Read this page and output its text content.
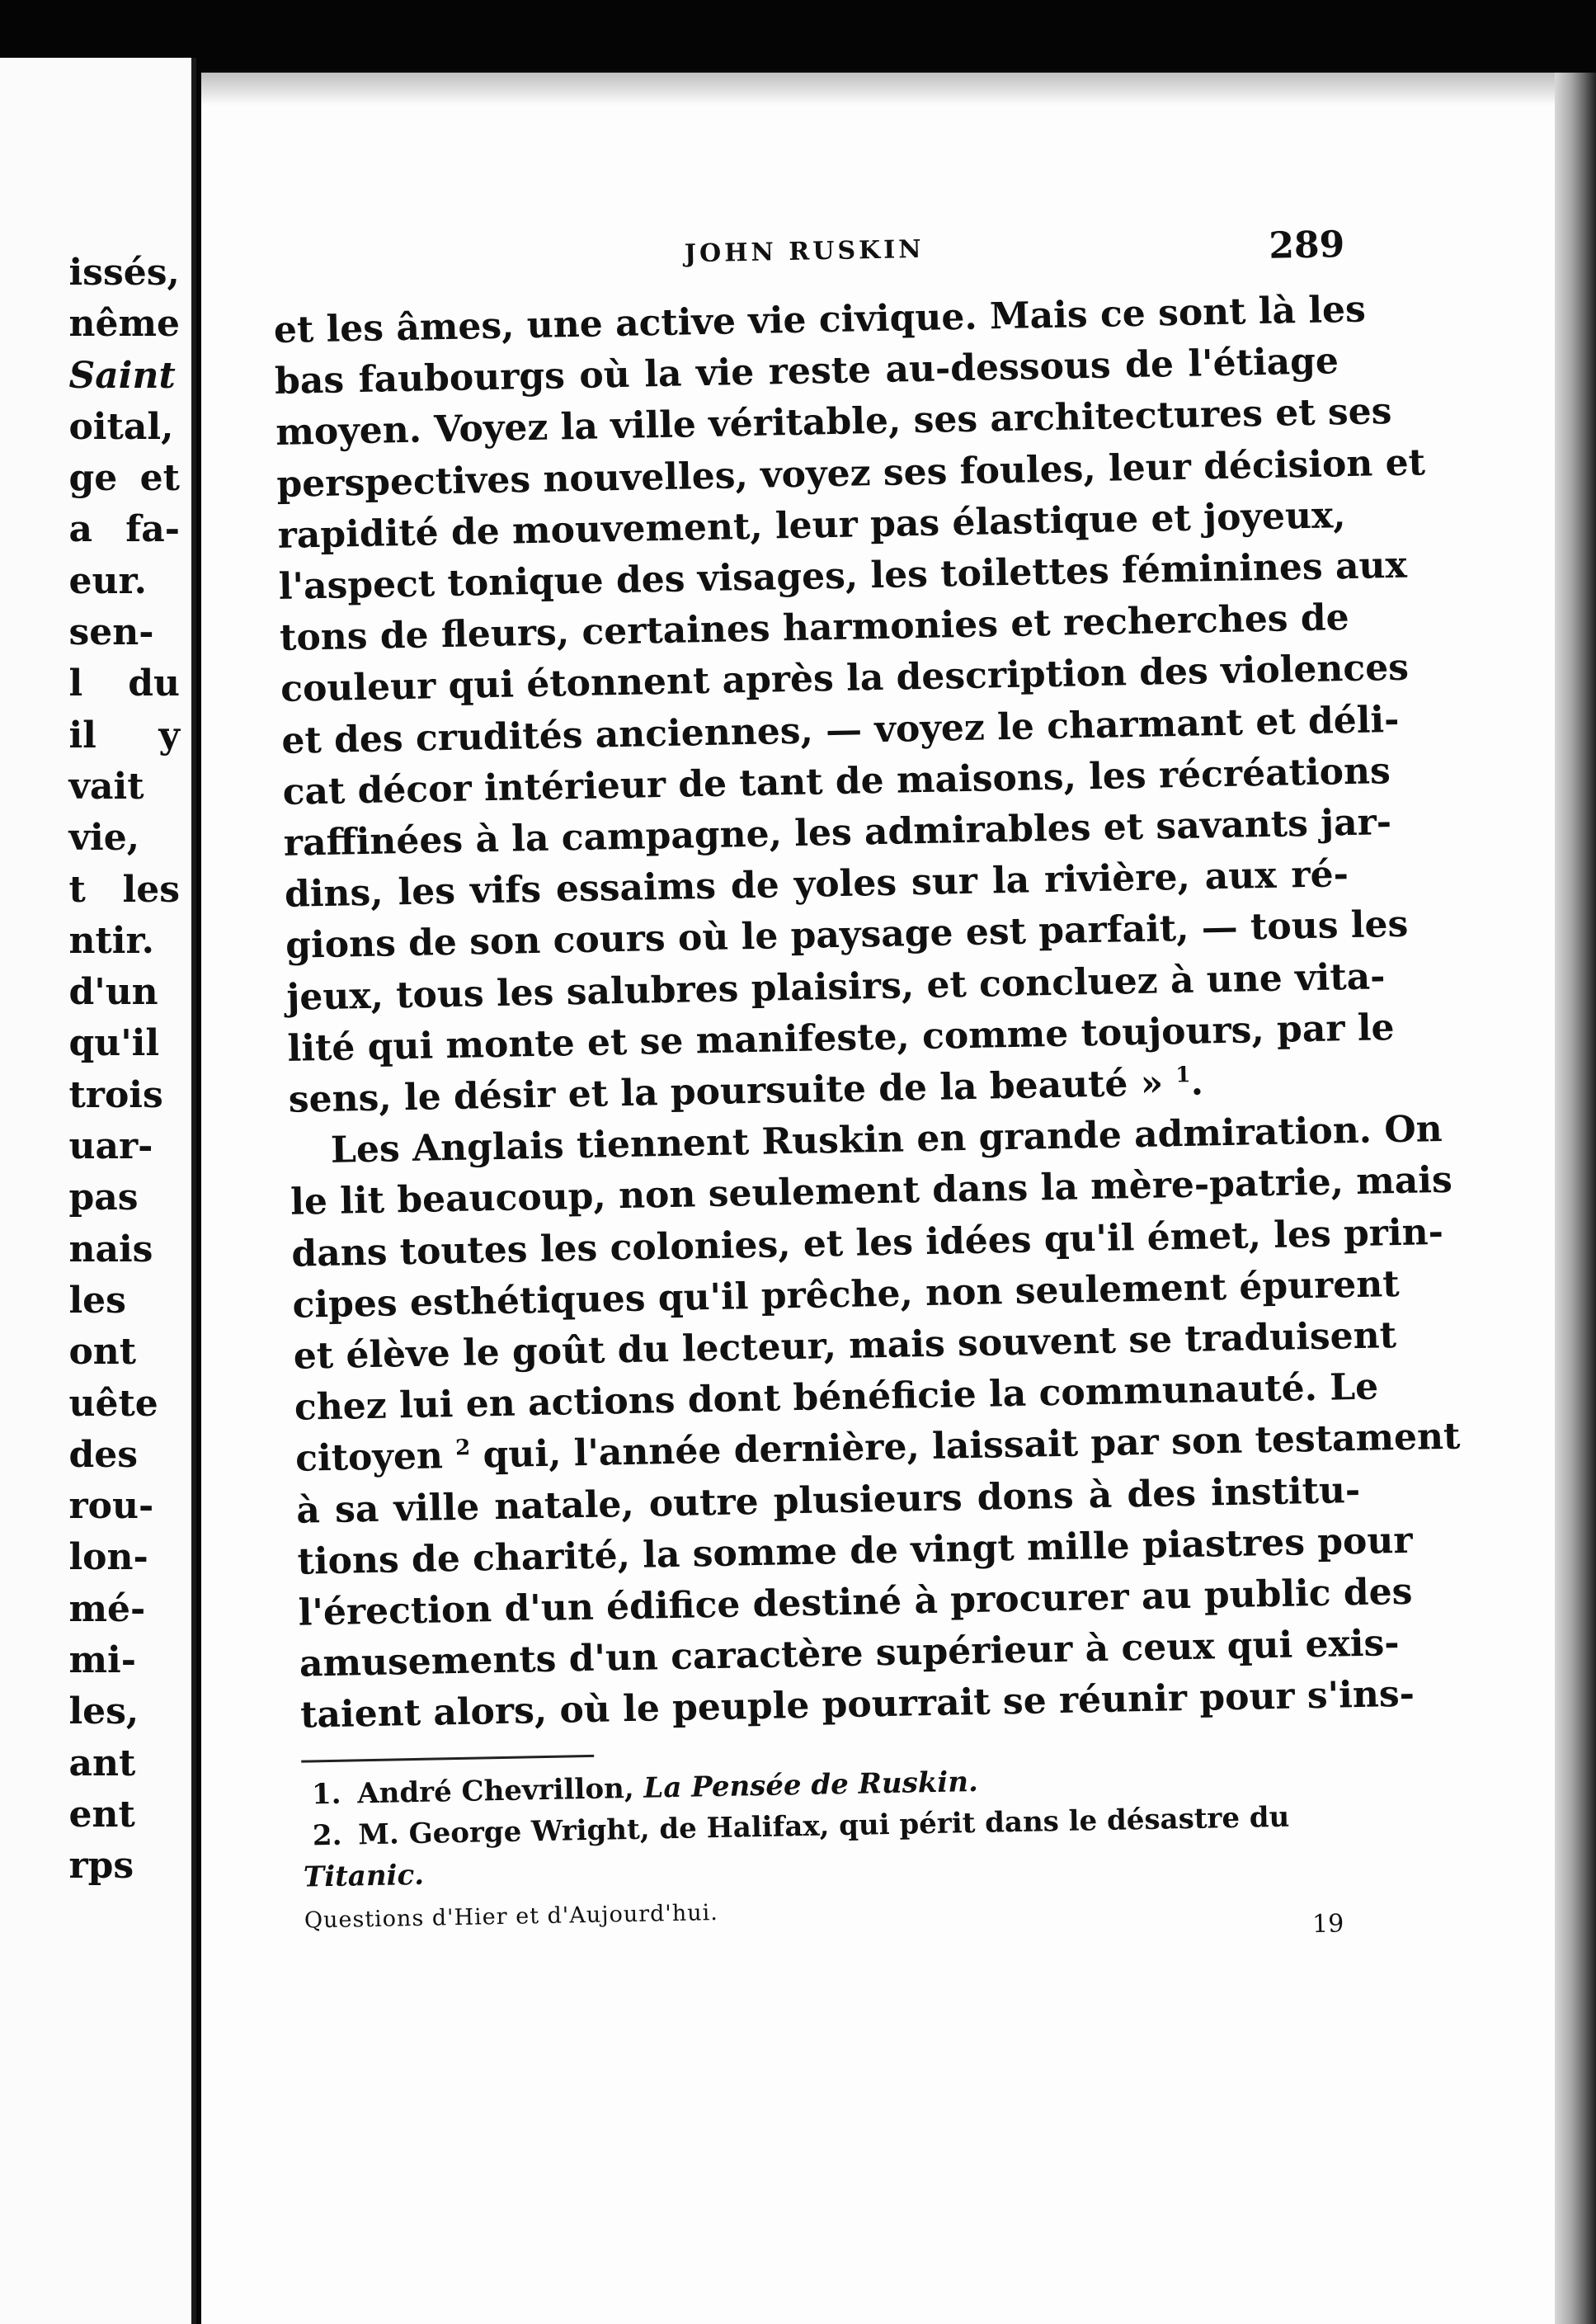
issés,
nême
Saint
oital,
ge et
a fa-
eur.
sen-
l du
il y
vait
vie,
t les
ntir.
d'un
qu'il
trois
uar-
pas
nais
les
ont
uête
des
rou-
lon-
mé-
mi-
les,
ant
ent
rps
JOHN RUSKIN	289
et les âmes, une active vie civique. Mais ce sont là les
bas faubourgs où la vie reste au-dessous de l'étiage
moyen. Voyez la ville véritable, ses architectures et ses
perspectives nouvelles, voyez ses foules, leur décision et
rapidité de mouvement, leur pas élastique et joyeux,
l'aspect tonique des visages, les toilettes féminines aux
tons de fleurs, certaines harmonies et recherches de
couleur qui étonnent après la description des violences
et des crudités anciennes, — voyez le charmant et déli-
cat décor intérieur de tant de maisons, les récréations
raffinées à la campagne, les admirables et savants jar-
dins, les vifs essaims de yoles sur la rivière, aux ré-
gions de son cours où le paysage est parfait, — tous les
jeux, tous les salubres plaisirs, et concluez à une vita-
lité qui monte et se manifeste, comme toujours, par le
sens, le désir et la poursuite de la beauté » $^1$.
Les Anglais tiennent Ruskin en grande admiration. On
le lit beaucoup, non seulement dans la mère-patrie, mais
dans toutes les colonies, et les idées qu'il émet, les prin-
cipes esthétiques qu'il prêche, non seulement épurent
et élève le goût du lecteur, mais souvent se traduisent
chez lui en actions dont bénéficie la communauté. Le
citoyen $^2$ qui, l'année dernière, laissait par son testament
à sa ville natale, outre plusieurs dons à des institu-
tions de charité, la somme de vingt mille piastres pour
l'érection d'un édifice destiné à procurer au public des
amusements d'un caractère supérieur à ceux qui exis-
taient alors, où le peuple pourrait se réunir pour s'ins-
1. André Chevrillon, La Pensée de Ruskin.
2. M. George Wright, de Halifax, qui périt dans le désastre du
Titanic.
Questions d'Hier et d'Aujourd'hui.	19
